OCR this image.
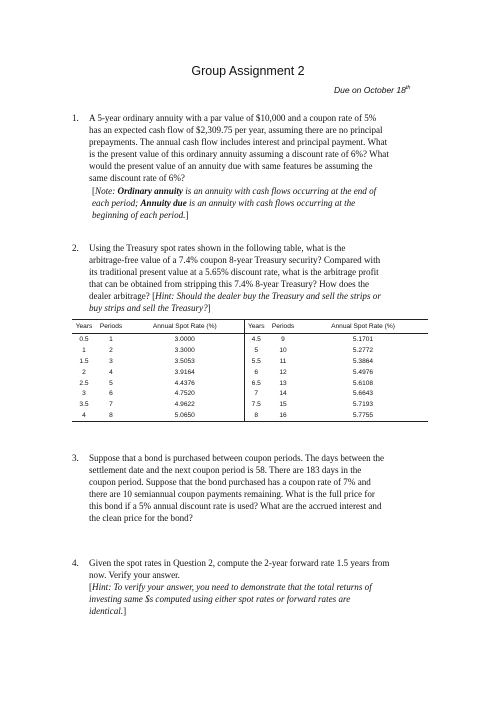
Group Assignment 2
Due on October 18th
1. A 5-year ordinary annuity with a par value of $10,000 and a coupon rate of 5%
has an expected cash flow of $2,309.75 per year, assuming there are no principal
prepayments. The annual cash flow includes interest and principal payment. What
is the present value of this ordinary annuity assuming a discount rate of 6%? What
would the present value of an annuity due with same features be assuming the
same discount rate of 6%?
[Note: Ordinary annuity is an annuity with cash flows occurring at the end of
each period; Annuity due is an annuity with cash flows occurring at the
beginning of each period.]
2. Using the Treasury spot rates shown in the following table, what is the
arbitrage-free value of a 7.4% coupon 8-year Treasury security? Compared with
its traditional present value at a 5.65% discount rate, what is the arbitrage profit
that can be obtained from stripping this 7.4% 8-year Treasury? How does the
dealer arbitrage? [Hint: Should the dealer buy the Treasury and sell the strips or
buy strips and sell the Treasury?]
Years	Periods	Annual Spot Rate (%)	Years	Periods	Annual Spot Rate (%)
0.5	1	3.0000	4.5	9	5.1701
1	2	3.3000	5	10	5.2772
1.5	3	3.5053	5.5	11	5.3864
2	4	3.9164	6	12	5.4976
2.5	5	4.4376	6.5	13	5.6108
3	6	4.7520	7	14	5.6643
3.5	7	4.9622	7.5	15	5.7193
4	8	5.0650	8	16	5.7755
3. Suppose that a bond is purchased between coupon periods. The days between the
settlement date and the next coupon period is 58. There are 183 days in the
coupon period. Suppose that the bond purchased has a coupon rate of 7% and
there are 10 semiannual coupon payments remaining. What is the full price for
this bond if a 5% annual discount rate is used? What are the accrued interest and
the clean price for the bond?
4. Given the spot rates in Question 2, compute the 2-year forward rate 1.5 years from
now. Verify your answer.
[Hint: To verify your answer, you need to demonstrate that the total returns of
investing same $s computed using either spot rates or forward rates are
identical.]
